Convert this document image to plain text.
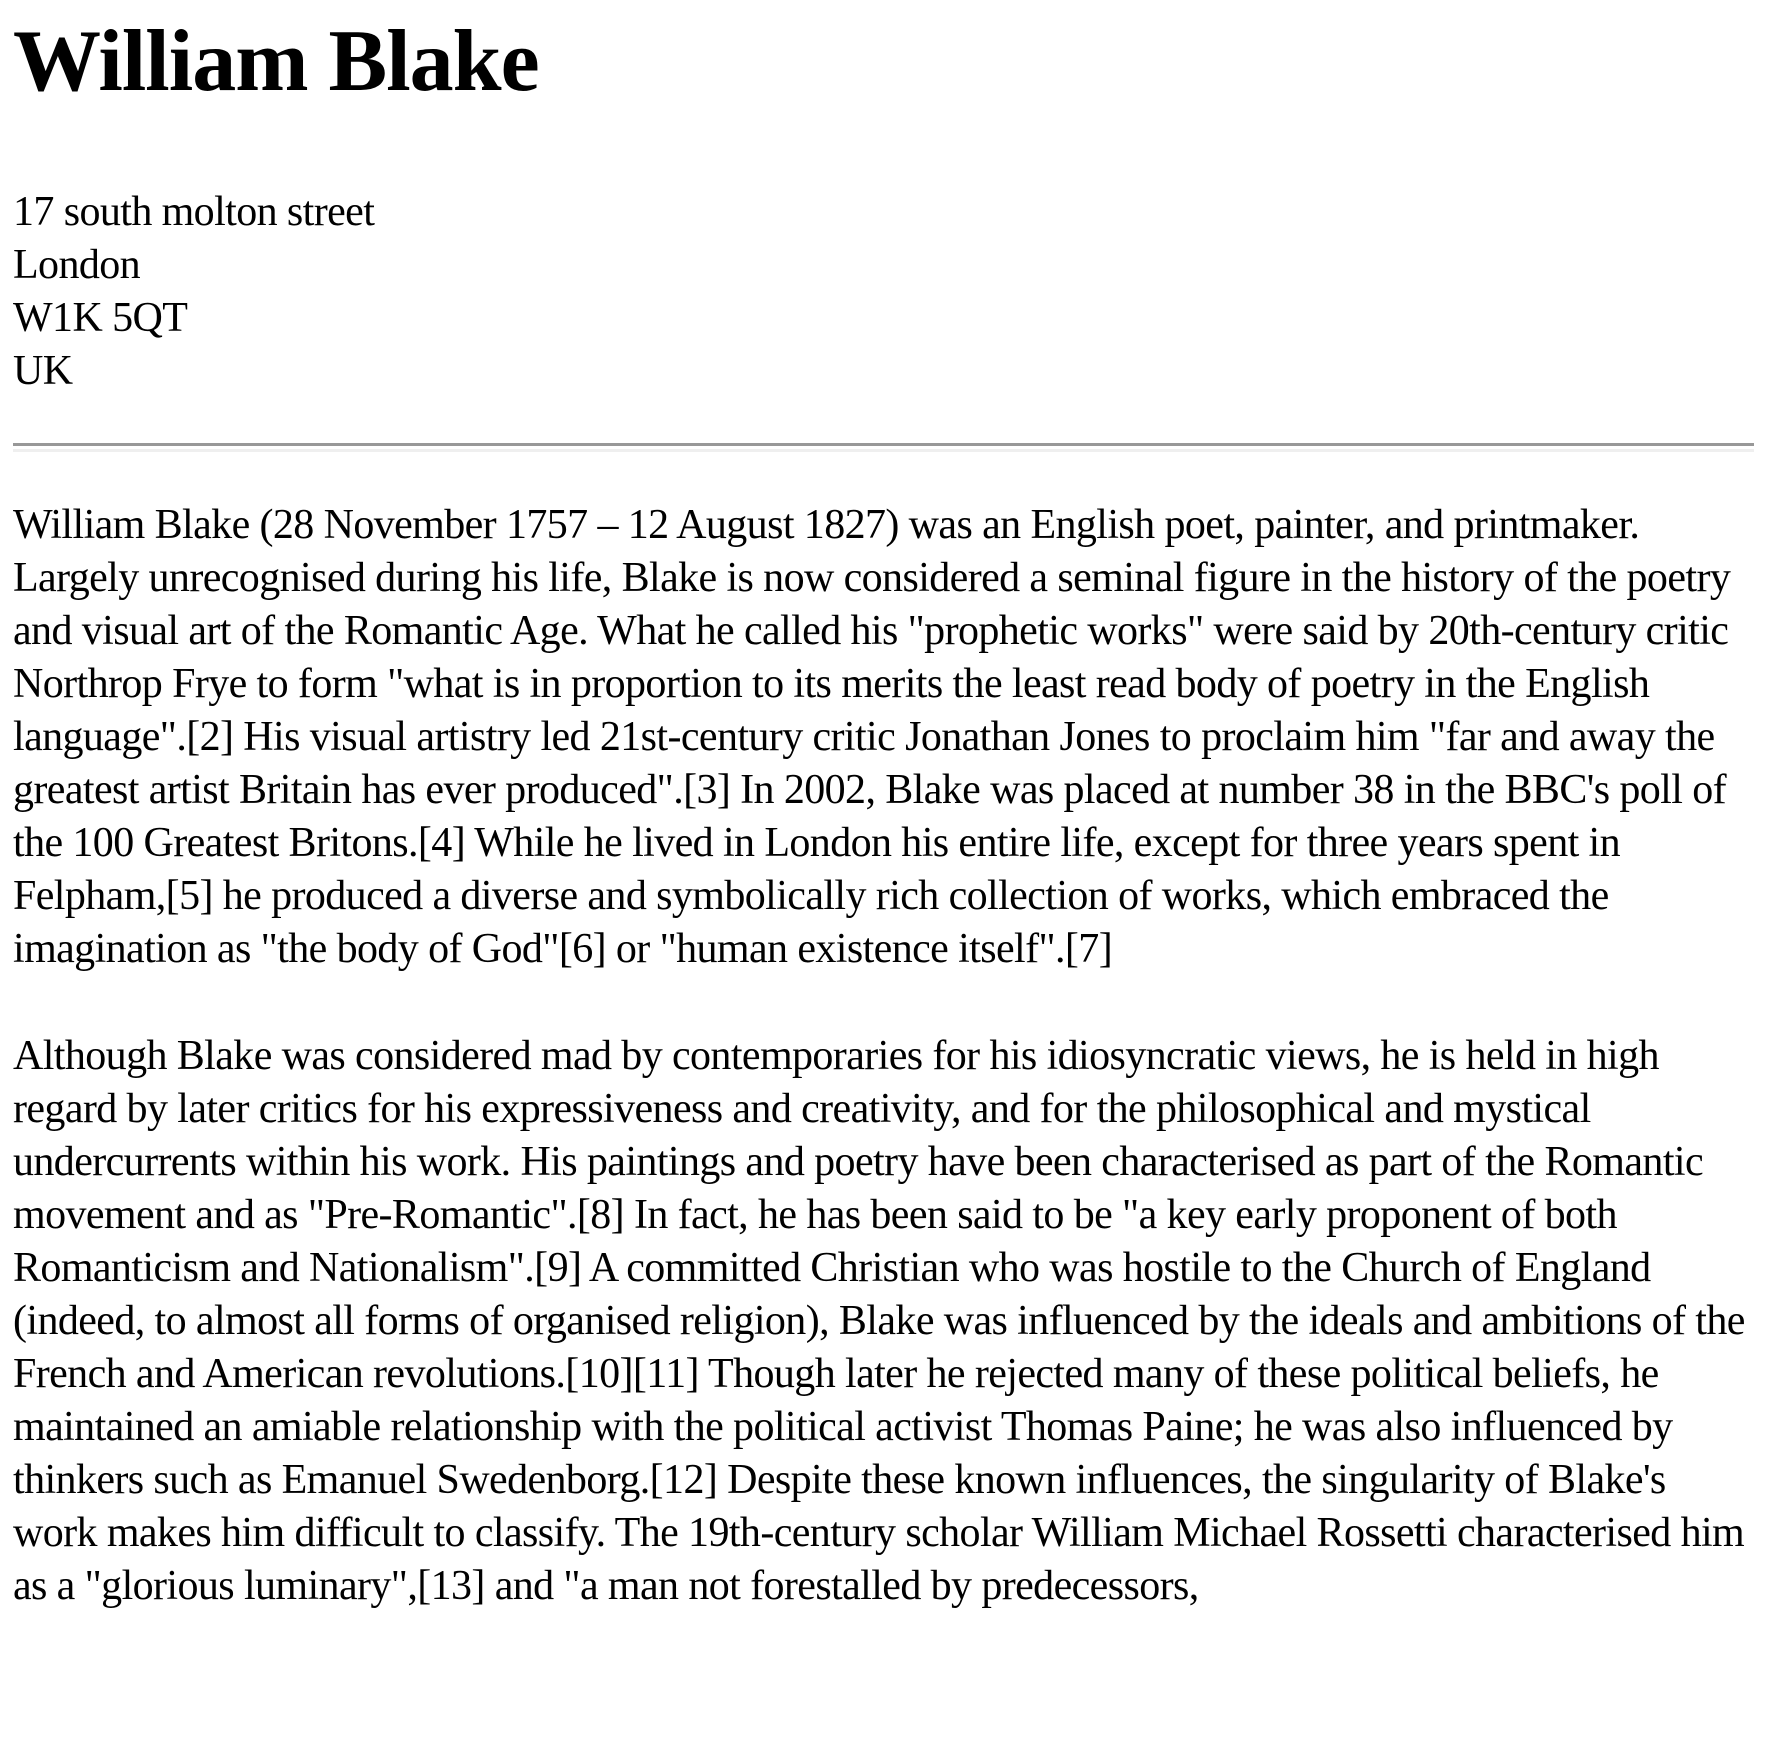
William Blake

17 south molton street
London
W1K 5QT
UK

William Blake (28 November 1757 – 12 August 1827) was an English poet, painter, and printmaker. Largely unrecognised during his life, Blake is now considered a seminal figure in the history of the poetry and visual art of the Romantic Age. What he called his "prophetic works" were said by 20th-century critic Northrop Frye to form "what is in proportion to its merits the least read body of poetry in the English language".[2] His visual artistry led 21st-century critic Jonathan Jones to proclaim him "far and away the greatest artist Britain has ever produced".[3] In 2002, Blake was placed at number 38 in the BBC's poll of the 100 Greatest Britons.[4] While he lived in London his entire life, except for three years spent in Felpham,[5] he produced a diverse and symbolically rich collection of works, which embraced the imagination as "the body of God"[6] or "human existence itself".[7]

Although Blake was considered mad by contemporaries for his idiosyncratic views, he is held in high regard by later critics for his expressiveness and creativity, and for the philosophical and mystical undercurrents within his work. His paintings and poetry have been characterised as part of the Romantic movement and as "Pre-Romantic".[8] In fact, he has been said to be "a key early proponent of both Romanticism and Nationalism".[9] A committed Christian who was hostile to the Church of England (indeed, to almost all forms of organised religion), Blake was influenced by the ideals and ambitions of the French and American revolutions.[10][11] Though later he rejected many of these political beliefs, he maintained an amiable relationship with the political activist Thomas Paine; he was also influenced by thinkers such as Emanuel Swedenborg.[12] Despite these known influences, the singularity of Blake's work makes him difficult to classify. The 19th-century scholar William Michael Rossetti characterised him as a "glorious luminary",[13] and "a man not forestalled by predecessors,
